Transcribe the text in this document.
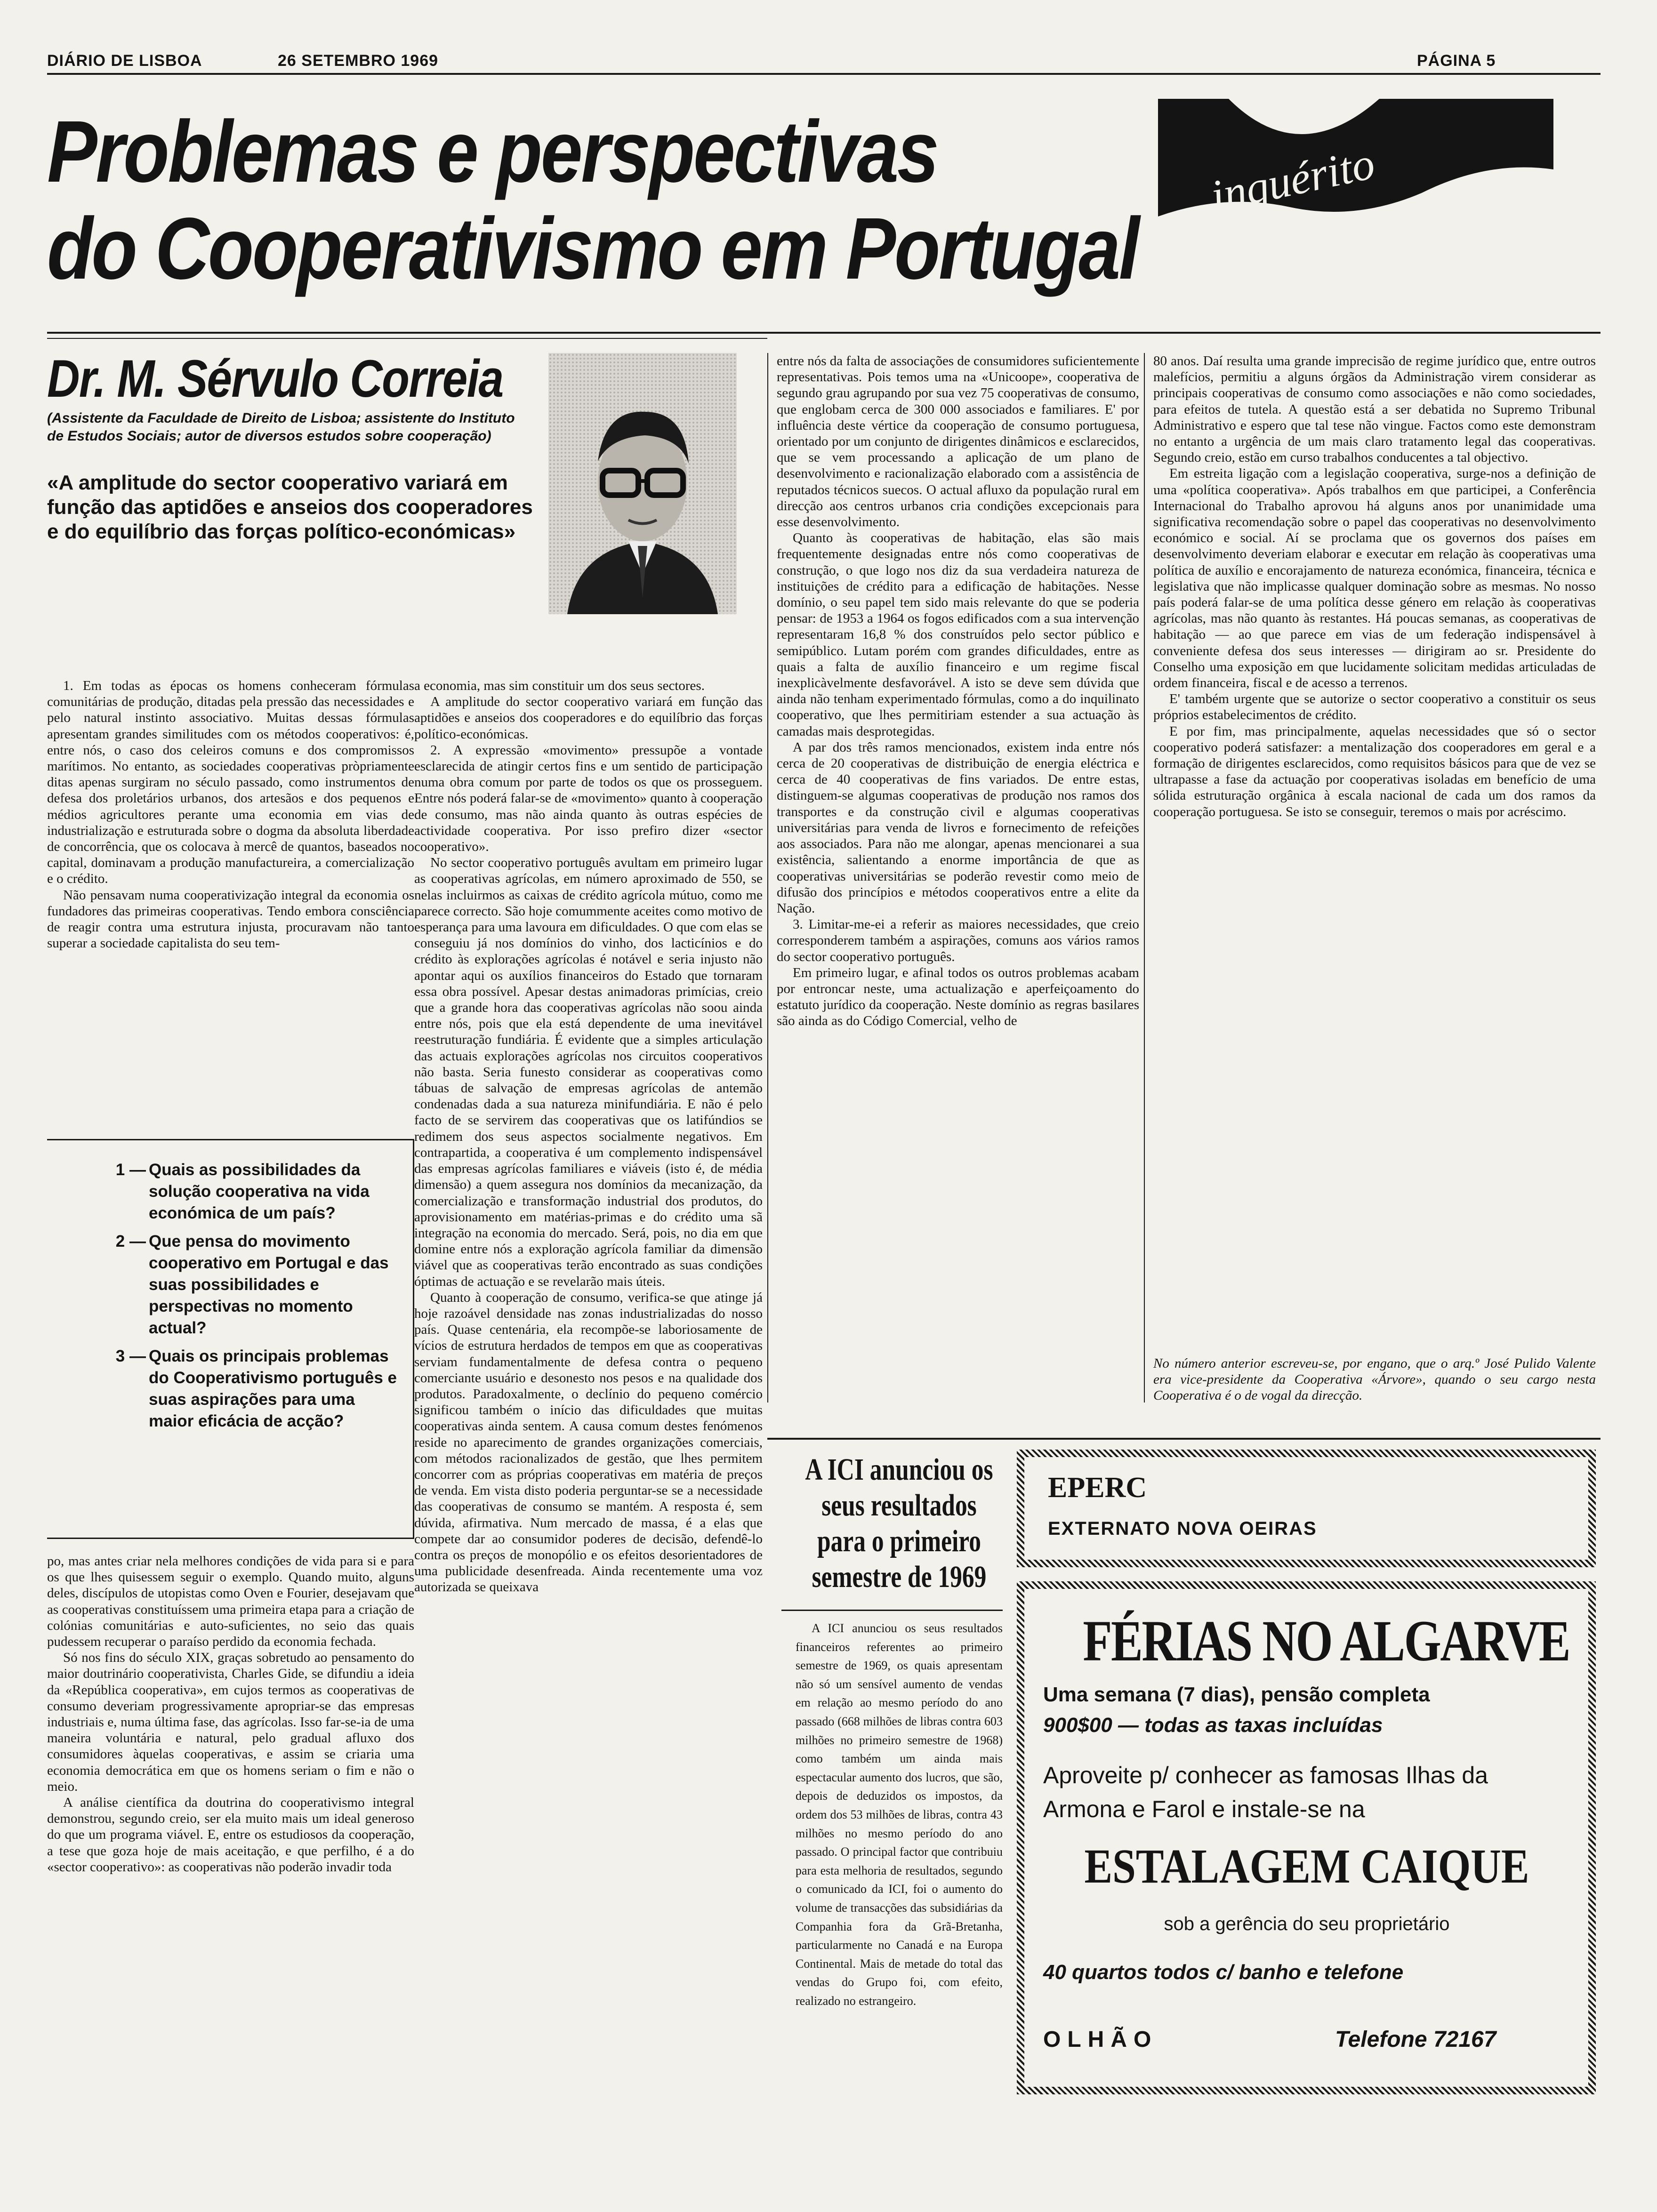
DIÁRIO DE LISBOA	26 SETEMBRO 1969	PÁGINA 5
Problemas e perspectivas
do Cooperativismo em Portugal
inquérito
Dr. M. Sérvulo Correia
(Assistente da Faculdade de Direito de Lisboa; assistente do Instituto de Estudos Sociais; autor de diversos estudos sobre cooperação)
«A amplitude do sector cooperativo variará em função das aptidões e anseios dos cooperadores e do equilíbrio das forças político-económicas»

1. Em todas as épocas os homens conheceram fórmulas comunitárias de produção, ditadas pela pressão das necessidades e pelo natural instinto associativo. Muitas dessas fórmulas apresentam grandes similitudes com os métodos cooperativos: é, entre nós, o caso dos celeiros comuns e dos compromissos marítimos. No entanto, as sociedades cooperativas pròpriamente ditas apenas surgiram no século passado, como instrumentos de defesa dos proletários urbanos, dos artesãos e dos pequenos e médios agricultores perante uma economia em vias de industrialização e estruturada sobre o dogma da absoluta liberdade de concorrência, que os colocava à mercê de quantos, baseados no capital, dominavam a produção manufactureira, a comercialização e o crédito.

Não pensavam numa cooperativização integral da economia os fundadores das primeiras cooperativas. Tendo embora consciência de reagir contra uma estrutura injusta, procuravam não tanto superar a sociedade capitalista do seu tem-

1 — Quais as possibilidades da solução cooperativa na vida económica de um país?
2 — Que pensa do movimento cooperativo em Portugal e das suas possibilidades e perspectivas no momento actual?
3 — Quais os principais problemas do Cooperativismo português e suas aspirações para uma maior eficácia de acção?

po, mas antes criar nela melhores condições de vida para si e para os que lhes quisessem seguir o exemplo. Quando muito, alguns deles, discípulos de utopistas como Oven e Fourier, desejavam que as cooperativas constituíssem uma primeira etapa para a criação de colónias comunitárias e auto-suficientes, no seio das quais pudessem recuperar o paraíso perdido da economia fechada.

Só nos fins do século XIX, graças sobretudo ao pensamento do maior doutrinário cooperativista, Charles Gide, se difundiu a ideia da «República cooperativa», em cujos termos as cooperativas de consumo deveriam progressivamente apropriar-se das empresas industriais e, numa última fase, das agrícolas. Isso far-se-ia de uma maneira voluntária e natural, pelo gradual afluxo dos consumidores àquelas cooperativas, e assim se criaria uma economia democrática em que os homens seriam o fim e não o meio.

A análise científica da doutrina do cooperativismo integral demonstrou, segundo creio, ser ela muito mais um ideal generoso do que um programa viável. E, entre os estudiosos da cooperação, a tese que goza hoje de mais aceitação, e que perfilho, é a do «sector cooperativo»: as cooperativas não poderão invadir toda

a economia, mas sim constituir um dos seus sectores.

A amplitude do sector cooperativo variará em função das aptidões e anseios dos cooperadores e do equilíbrio das forças político-económicas.

2. A expressão «movimento» pressupõe a vontade esclarecida de atingir certos fins e um sentido de participação numa obra comum por parte de todos os que os prosseguem. Entre nós poderá falar-se de «movimento» quanto à cooperação de consumo, mas não ainda quanto às outras espécies de actividade cooperativa. Por isso prefiro dizer «sector cooperativo».

No sector cooperativo português avultam em primeiro lugar as cooperativas agrícolas, em número aproximado de 550, se nelas incluirmos as caixas de crédito agrícola mútuo, como me parece correcto. São hoje comummente aceites como motivo de esperança para uma lavoura em dificuldades. O que com elas se conseguiu já nos domínios do vinho, dos lacticínios e do crédito às explorações agrícolas é notável e seria injusto não apontar aqui os auxílios financeiros do Estado que tornaram essa obra possível. Apesar destas animadoras primícias, creio que a grande hora das cooperativas agrícolas não soou ainda entre nós, pois que ela está dependente de uma inevitável reestruturação fundiária. É evidente que a simples articulação das actuais explorações agrícolas nos circuitos cooperativos não basta. Seria funesto considerar as cooperativas como tábuas de salvação de empresas agrícolas de antemão condenadas dada a sua natureza minifundiária. E não é pelo facto de se servirem das cooperativas que os latifúndios se redimem dos seus aspectos socialmente negativos. Em contrapartida, a cooperativa é um complemento indispensável das empresas agrícolas familiares e viáveis (isto é, de média dimensão) a quem assegura nos domínios da mecanização, da comercialização e transformação industrial dos produtos, do aprovisionamento em matérias-primas e do crédito uma sã integração na economia do mercado. Será, pois, no dia em que domine entre nós a exploração agrícola familiar da dimensão viável que as cooperativas terão encontrado as suas condições óptimas de actuação e se revelarão mais úteis.

Quanto à cooperação de consumo, verifica-se que atinge já hoje razoável densidade nas zonas industrializadas do nosso país. Quase centenária, ela recompõe-se laboriosamente de vícios de estrutura herdados de tempos em que as cooperativas serviam fundamentalmente de defesa contra o pequeno comerciante usuário e desonesto nos pesos e na qualidade dos produtos. Paradoxalmente, o declínio do pequeno comércio significou também o início das dificuldades que muitas cooperativas ainda sentem. A causa comum destes fenómenos reside no aparecimento de grandes organizações comerciais, com métodos racionalizados de gestão, que lhes permitem concorrer com as próprias cooperativas em matéria de preços de venda. Em vista disto poderia perguntar-se se a necessidade das cooperativas de consumo se mantém. A resposta é, sem dúvida, afirmativa. Num mercado de massa, é a elas que compete dar ao consumidor poderes de decisão, defendê-lo contra os preços de monopólio e os efeitos desorientadores de uma publicidade desenfreada. Ainda recentemente uma voz autorizada se queixava

entre nós da falta de associações de consumidores suficientemente representativas. Pois temos uma na «Unicoope», cooperativa de segundo grau agrupando por sua vez 75 cooperativas de consumo, que englobam cerca de 300 000 associados e familiares. E' por influência deste vértice da cooperação de consumo portuguesa, orientado por um conjunto de dirigentes dinâmicos e esclarecidos, que se vem processando a aplicação de um plano de desenvolvimento e racionalização elaborado com a assistência de reputados técnicos suecos. O actual afluxo da população rural em direcção aos centros urbanos cria condições excepcionais para esse desenvolvimento.

Quanto às cooperativas de habitação, elas são mais frequentemente designadas entre nós como cooperativas de construção, o que logo nos diz da sua verdadeira natureza de instituições de crédito para a edificação de habitações. Nesse domínio, o seu papel tem sido mais relevante do que se poderia pensar: de 1953 a 1964 os fogos edificados com a sua intervenção representaram 16,8 % dos construídos pelo sector público e semipúblico. Lutam porém com grandes dificuldades, entre as quais a falta de auxílio financeiro e um regime fiscal inexplicàvelmente desfavorável. A isto se deve sem dúvida que ainda não tenham experimentado fórmulas, como a do inquilinato cooperativo, que lhes permitiriam estender a sua actuação às camadas mais desprotegidas.

A par dos três ramos mencionados, existem inda entre nós cerca de 20 cooperativas de distribuição de energia eléctrica e cerca de 40 cooperativas de fins variados. De entre estas, distinguem-se algumas cooperativas de produção nos ramos dos transportes e da construção civil e algumas cooperativas universitárias para venda de livros e fornecimento de refeições aos associados. Para não me alongar, apenas mencionarei a sua existência, salientando a enorme importância de que as cooperativas universitárias se poderão revestir como meio de difusão dos princípios e métodos cooperativos entre a elite da Nação.

3. Limitar-me-ei a referir as maiores necessidades, que creio corresponderem também a aspirações, comuns aos vários ramos do sector cooperativo português.

Em primeiro lugar, e afinal todos os outros problemas acabam por entroncar neste, uma actualização e aperfeiçoamento do estatuto jurídico da cooperação. Neste domínio as regras basilares são ainda as do Código Comercial, velho de

80 anos. Daí resulta uma grande imprecisão de regime jurídico que, entre outros malefícios, permitiu a alguns órgãos da Administração virem considerar as principais cooperativas de consumo como associações e não como sociedades, para efeitos de tutela. A questão está a ser debatida no Supremo Tribunal Administrativo e espero que tal tese não vingue. Factos como este demonstram no entanto a urgência de um mais claro tratamento legal das cooperativas. Segundo creio, estão em curso trabalhos conducentes a tal objectivo.

Em estreita ligação com a legislação cooperativa, surge-nos a definição de uma «política cooperativa». Após trabalhos em que participei, a Conferência Internacional do Trabalho aprovou há alguns anos por unanimidade uma significativa recomendação sobre o papel das cooperativas no desenvolvimento económico e social. Aí se proclama que os governos dos países em desenvolvimento deveriam elaborar e executar em relação às cooperativas uma política de auxílio e encorajamento de natureza económica, financeira, técnica e legislativa que não implicasse qualquer dominação sobre as mesmas. No nosso país poderá falar-se de uma política desse género em relação às cooperativas agrícolas, mas não quanto às restantes. Há poucas semanas, as cooperativas de habitação — ao que parece em vias de um federação indispensável à conveniente defesa dos seus interesses — dirigiram ao sr. Presidente do Conselho uma exposição em que lucidamente solicitam medidas articuladas de ordem financeira, fiscal e de acesso a terrenos.

E' também urgente que se autorize o sector cooperativo a constituir os seus próprios estabelecimentos de crédito.

E por fim, mas principalmente, aquelas necessidades que só o sector cooperativo poderá satisfazer: a mentalização dos cooperadores em geral e a formação de dirigentes esclarecidos, como requisitos básicos para que de vez se ultrapasse a fase da actuação por cooperativas isoladas em benefício de uma sólida estruturação orgânica à escala nacional de cada um dos ramos da cooperação portuguesa. Se isto se conseguir, teremos o mais por acréscimo.

No número anterior escreveu-se, por engano, que o arq.º José Pulido Valente era vice-presidente da Cooperativa «Árvore», quando o seu cargo nesta Cooperativa é o de vogal da direcção.
A ICI anunciou os seus resultados para o primeiro semestre de 1969

A ICI anunciou os seus resultados financeiros referentes ao primeiro semestre de 1969, os quais apresentam não só um sensível aumento de vendas em relação ao mesmo período do ano passado (668 milhões de libras contra 603 milhões no primeiro semestre de 1968) como também um ainda mais espectacular aumento dos lucros, que são, depois de deduzidos os impostos, da ordem dos 53 milhões de libras, contra 43 milhões no mesmo período do ano passado. O principal factor que contribuiu para esta melhoria de resultados, segundo o comunicado da ICI, foi o aumento do volume de transacções das subsidiárias da Companhia fora da Grã-Bretanha, particularmente no Canadá e na Europa Continental. Mais de metade do total das vendas do Grupo foi, com efeito, realizado no estrangeiro.

EPERC
EXTERNATO NOVA OEIRAS
FÉRIAS NO ALGARVE
Uma semana (7 dias), pensão completa
900$00 — todas as taxas incluídas
Aproveite p/ conhecer as famosas Ilhas da Armona e Farol e instale-se na
ESTALAGEM CAIQUE
sob a gerência do seu proprietário
40 quartos todos c/ banho e telefone
OLHÃO	Telefone 72167
